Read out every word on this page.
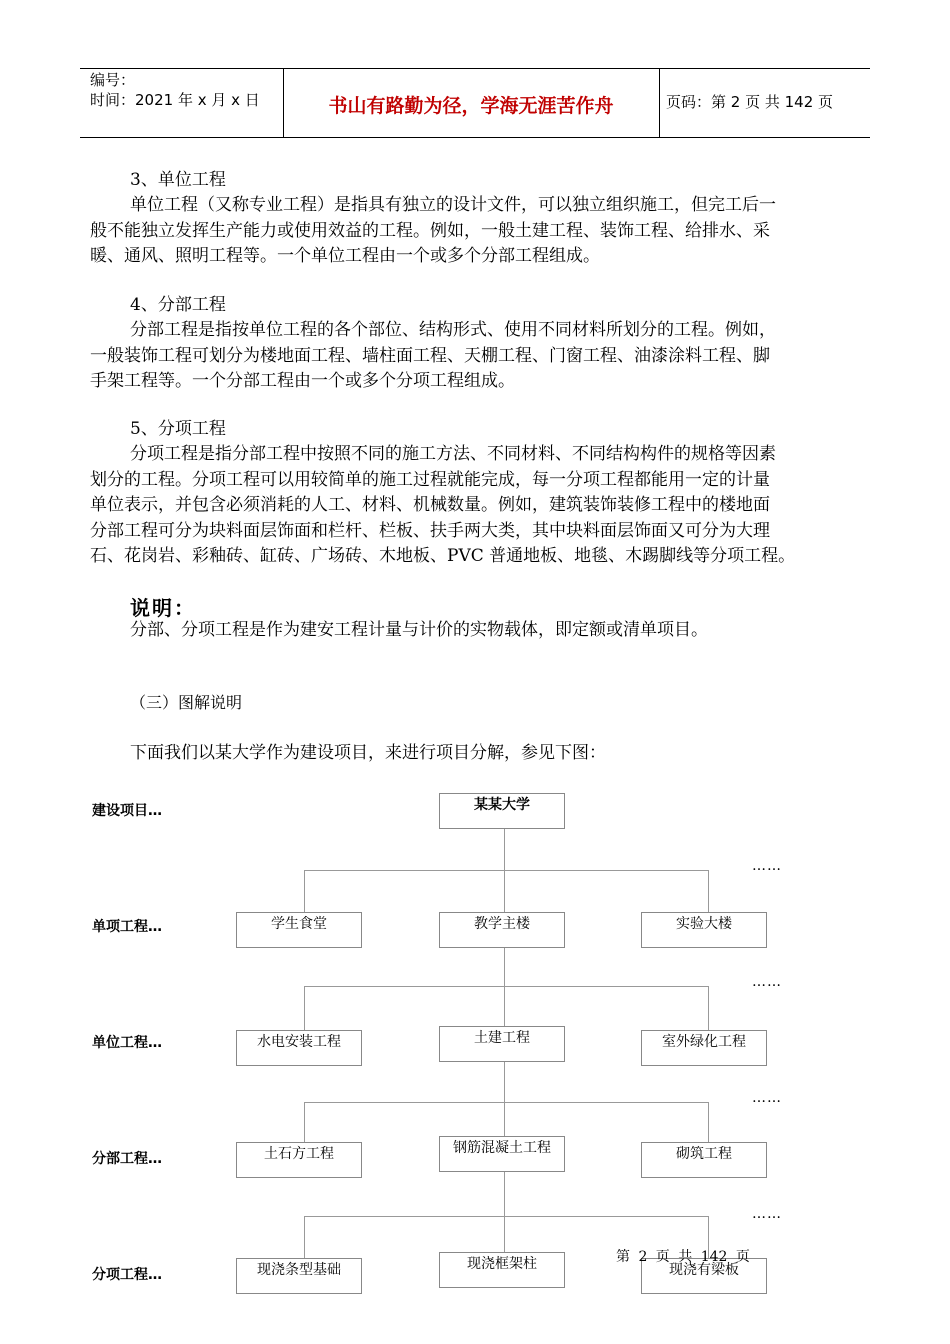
编号：
时间：2021 年 x 月 x 日	书山有路勤为径，学海无涯苦作舟	页码：第 2 页 共 142 页
3、单位工程
单位工程（又称专业工程）是指具有独立的设计文件，可以独立组织施工，但完工后一
般不能独立发挥生产能力或使用效益的工程。例如，一般土建工程、装饰工程、给排水、采
暖、通风、照明工程等。一个单位工程由一个或多个分部工程组成。
4、分部工程
分部工程是指按单位工程的各个部位、结构形式、使用不同材料所划分的工程。例如，
一般装饰工程可划分为楼地面工程、墙柱面工程、天棚工程、门窗工程、油漆涂料工程、脚
手架工程等。一个分部工程由一个或多个分项工程组成。
5、分项工程
分项工程是指分部工程中按照不同的施工方法、不同材料、不同结构构件的规格等因素
划分的工程。分项工程可以用较简单的施工过程就能完成，每一分项工程都能用一定的计量
单位表示，并包含必须消耗的人工、材料、机械数量。例如，建筑装饰装修工程中的楼地面
分部工程可分为块料面层饰面和栏杆、栏板、扶手两大类，其中块料面层饰面又可分为大理
石、花岗岩、彩釉砖、缸砖、广场砖、木地板、PVC 普通地板、地毯、木踢脚线等分项工程。
说明：
分部、分项工程是作为建安工程计量与计价的实物载体，即定额或清单项目。
（三）图解说明
下面我们以某大学作为建设项目，来进行项目分解，参见下图：
建设项目…
单项工程…
单位工程…
分部工程…
分项工程…
……
……
……
……
某某大学
学生食堂	教学主楼	实验大楼
水电安装工程	土建工程	室外绿化工程
土石方工程	钢筋混凝土工程	砌筑工程
现浇条型基础	现浇框架柱	现浇有梁板
第 2 页 共 142 页
